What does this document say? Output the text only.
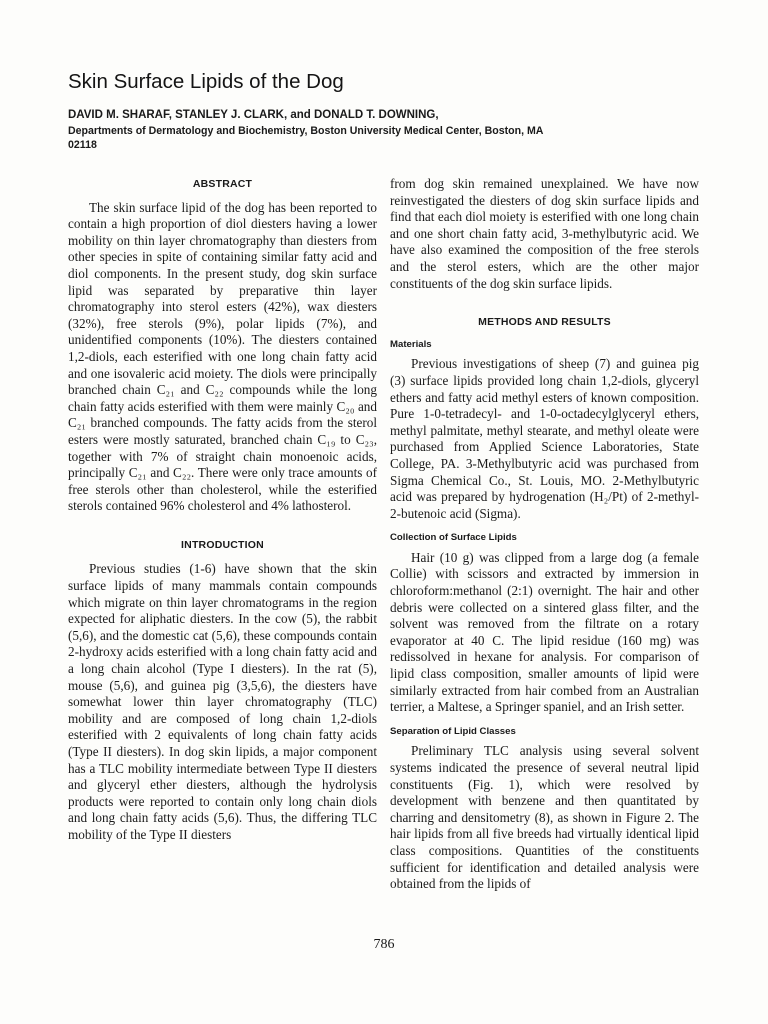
Skin Surface Lipids of the Dog

DAVID M. SHARAF, STANLEY J. CLARK, and DONALD T. DOWNING,

Departments of Dermatology and Biochemistry, Boston University Medical Center, Boston, MA 02118

ABSTRACT

The skin surface lipid of the dog has been reported to contain a high proportion of diol diesters having a lower mobility on thin layer chromatography than diesters from other species in spite of containing similar fatty acid and diol components. In the present study, dog skin surface lipid was separated by preparative thin layer chromatography into sterol esters (42%), wax diesters (32%), free sterols (9%), polar lipids (7%), and unidentified components (10%). The diesters contained 1,2-diols, each esterified with one long chain fatty acid and one isovaleric acid moiety. The diols were principally branched chain C₂₁ and C₂₂ compounds while the long chain fatty acids esterified with them were mainly C₂₀ and C₂₁ branched compounds. The fatty acids from the sterol esters were mostly saturated, branched chain C₁₉ to C₂₃, together with 7% of straight chain monoenoic acids, principally C₂₁ and C₂₂. There were only trace amounts of free sterols other than cholesterol, while the esterified sterols contained 96% cholesterol and 4% lathosterol.

INTRODUCTION

Previous studies (1-6) have shown that the skin surface lipids of many mammals contain compounds which migrate on thin layer chromatograms in the region expected for aliphatic diesters. In the cow (5), the rabbit (5,6), and the domestic cat (5,6), these compounds contain 2-hydroxy acids esterified with a long chain fatty acid and a long chain alcohol (Type I diesters). In the rat (5), mouse (5,6), and guinea pig (3,5,6), the diesters have somewhat lower thin layer chromatography (TLC) mobility and are composed of long chain 1,2-diols esterified with 2 equivalents of long chain fatty acids (Type II diesters). In dog skin lipids, a major component has a TLC mobility intermediate between Type II diesters and glyceryl ether diesters, although the hydrolysis products were reported to contain only long chain diols and long chain fatty acids (5,6). Thus, the differing TLC mobility of the Type II diesters

from dog skin remained unexplained. We have now reinvestigated the diesters of dog skin surface lipids and find that each diol moiety is esterified with one long chain and one short chain fatty acid, 3-methylbutyric acid. We have also examined the composition of the free sterols and the sterol esters, which are the other major constituents of the dog skin surface lipids.

METHODS AND RESULTS

Materials

Previous investigations of sheep (7) and guinea pig (3) surface lipids provided long chain 1,2-diols, glyceryl ethers and fatty acid methyl esters of known composition. Pure 1-0-tetradecyl- and 1-0-octadecylglyceryl ethers, methyl palmitate, methyl stearate, and methyl oleate were purchased from Applied Science Laboratories, State College, PA. 3-Methylbutyric acid was purchased from Sigma Chemical Co., St. Louis, MO. 2-Methylbutyric acid was prepared by hydrogenation (H₂/Pt) of 2-methyl-2-butenoic acid (Sigma).

Collection of Surface Lipids

Hair (10 g) was clipped from a large dog (a female Collie) with scissors and extracted by immersion in chloroform:methanol (2:1) overnight. The hair and other debris were collected on a sintered glass filter, and the solvent was removed from the filtrate on a rotary evaporator at 40 C. The lipid residue (160 mg) was redissolved in hexane for analysis. For comparison of lipid class composition, smaller amounts of lipid were similarly extracted from hair combed from an Australian terrier, a Maltese, a Springer spaniel, and an Irish setter.

Separation of Lipid Classes

Preliminary TLC analysis using several solvent systems indicated the presence of several neutral lipid constituents (Fig. 1), which were resolved by development with benzene and then quantitated by charring and densitometry (8), as shown in Figure 2. The hair lipids from all five breeds had virtually identical lipid class compositions. Quantities of the constituents sufficient for identification and detailed analysis were obtained from the lipids of

786
